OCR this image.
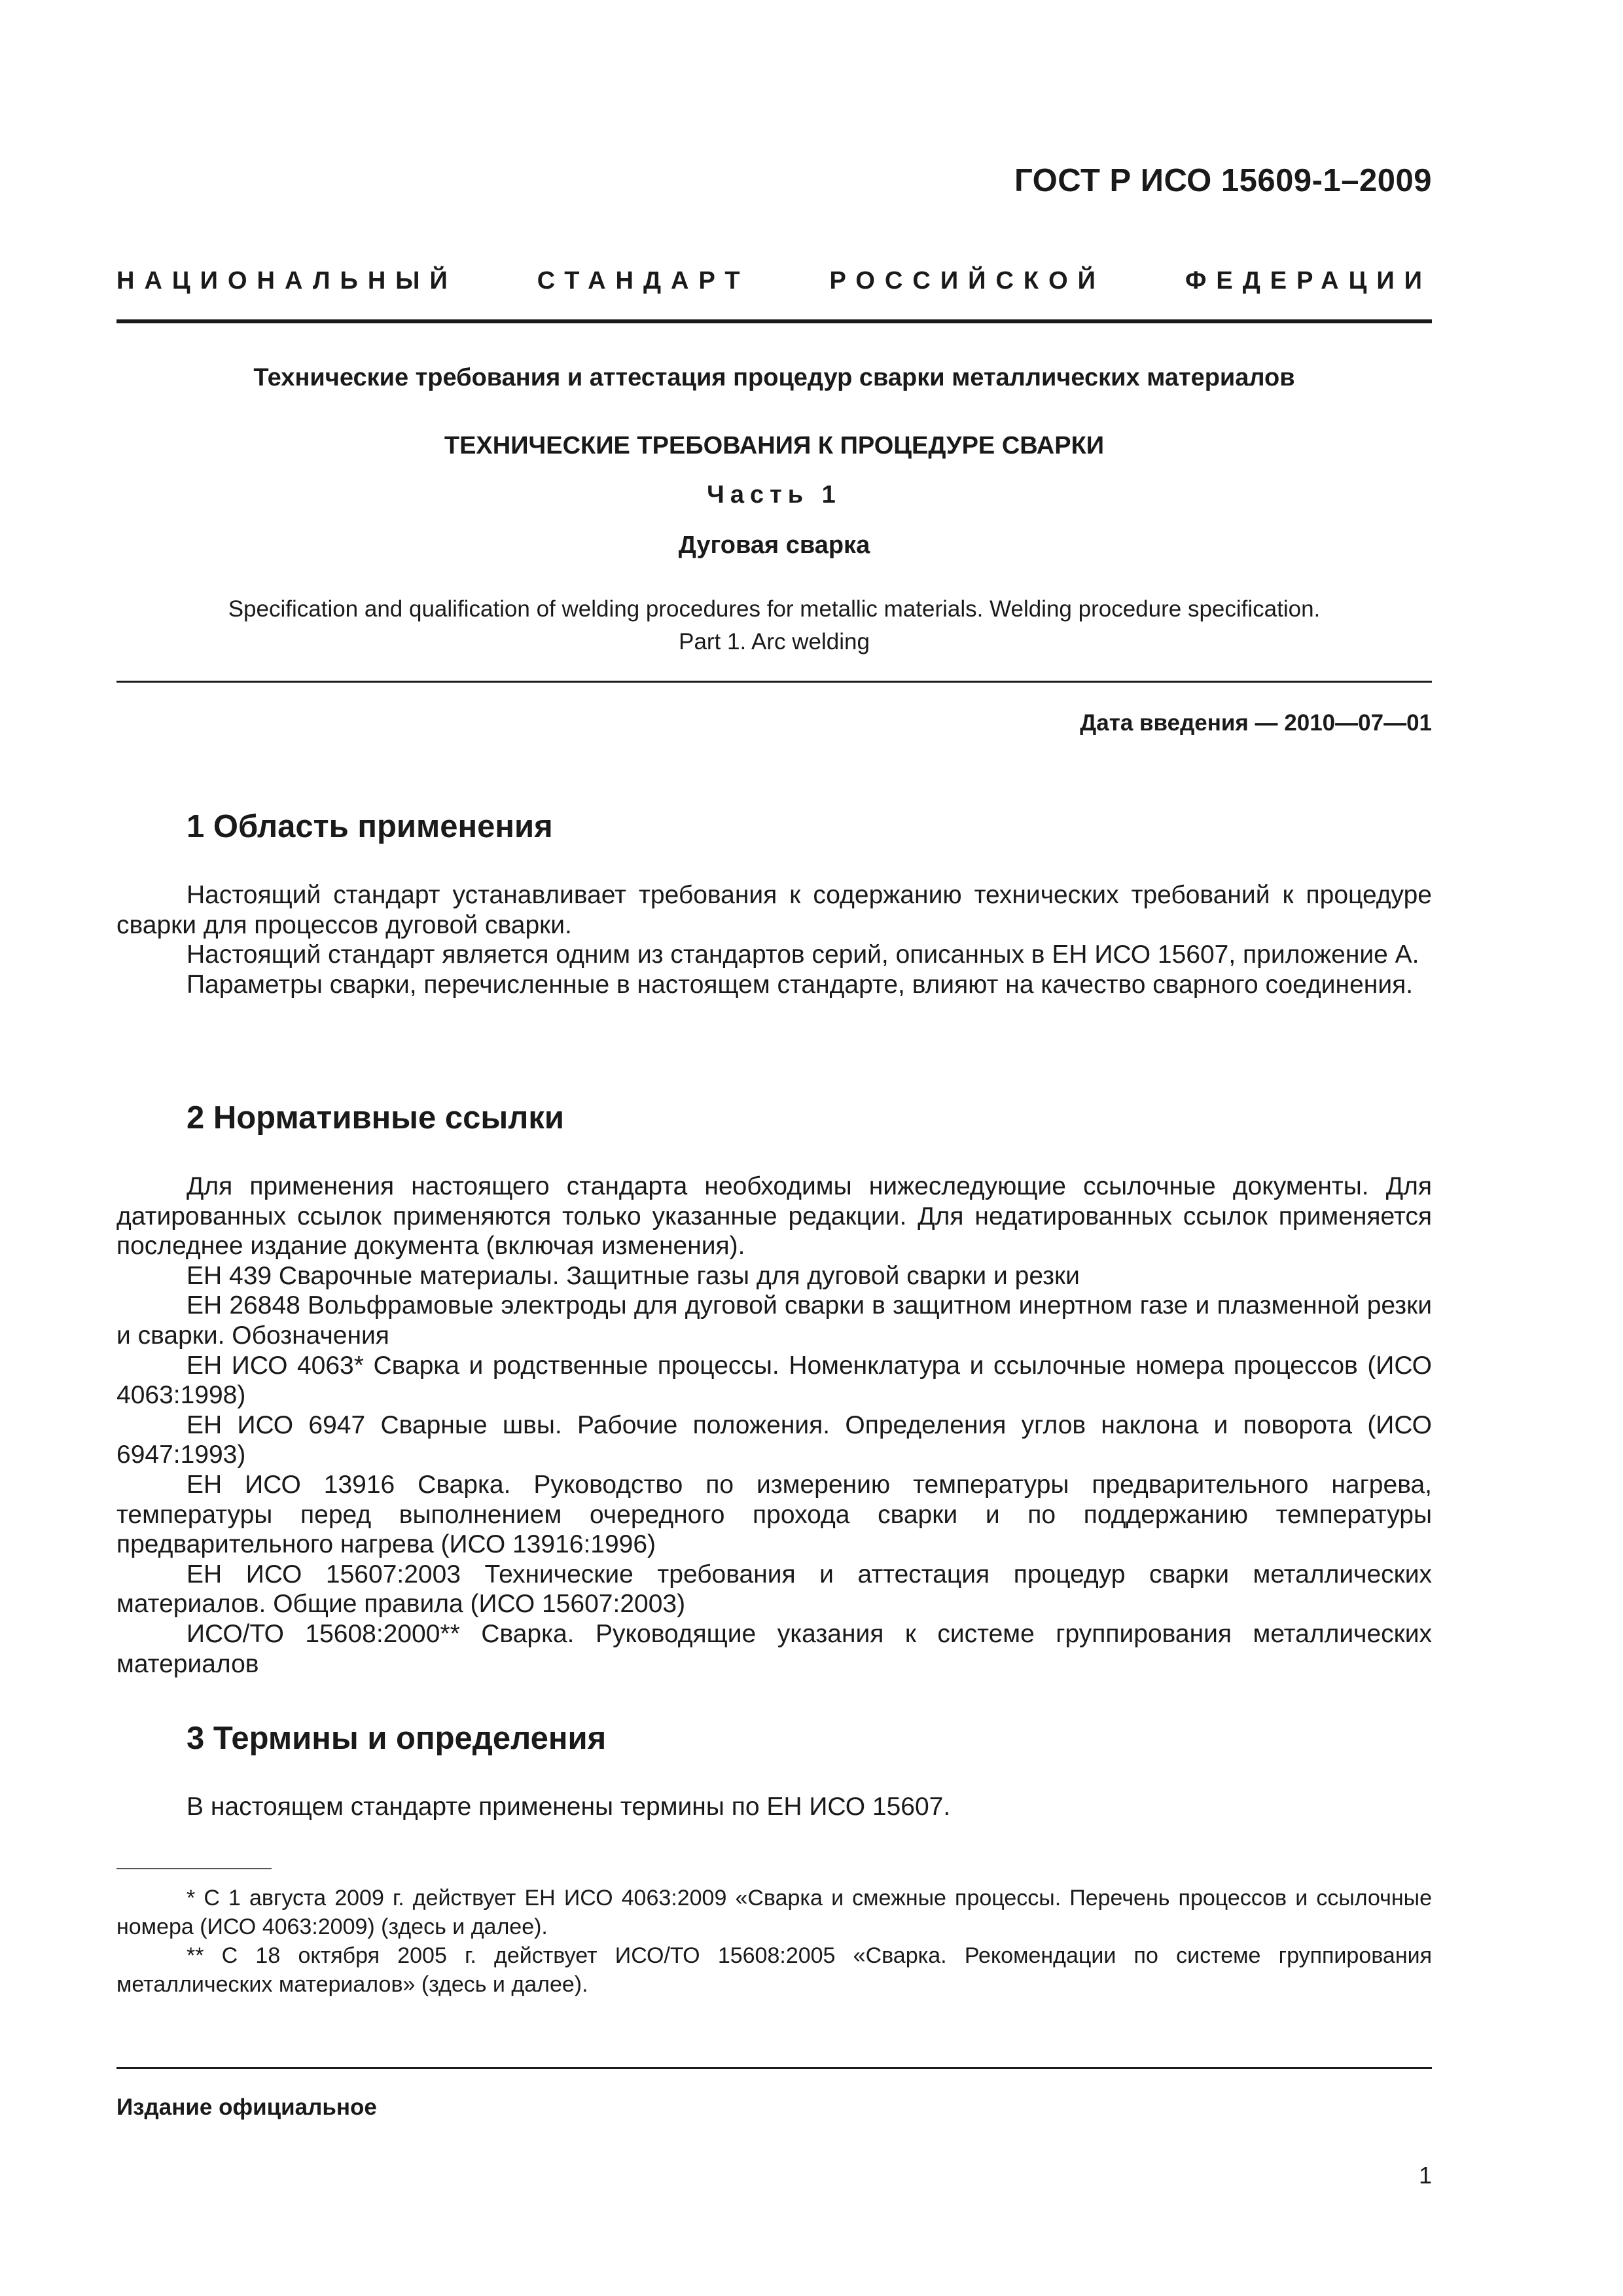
ГОСТ Р ИСО 15609-1–2009
НАЦИОНАЛЬНЫЙ	СТАНДАРТ	РОССИЙСКОЙ	ФЕДЕРАЦИИ
Технические требования и аттестация процедур сварки металлических материалов
ТЕХНИЧЕСКИЕ ТРЕБОВАНИЯ К ПРОЦЕДУРЕ СВАРКИ
Часть 1
Дуговая сварка
Specification and qualification of welding procedures for metallic materials. Welding procedure specification.
Part 1. Arc welding
Дата введения — 2010—07—01
1 Область применения

Настоящий стандарт устанавливает требования к содержанию технических требований к процедуре сварки для процессов дуговой сварки.

Настоящий стандарт является одним из стандартов серий, описанных в ЕН ИСО 15607, приложение А.

Параметры сварки, перечисленные в настоящем стандарте, влияют на качество сварного соединения.

2 Нормативные ссылки

Для применения настоящего стандарта необходимы нижеследующие ссылочные документы. Для датированных ссылок применяются только указанные редакции. Для недатированных ссылок применяется последнее издание документа (включая изменения).

ЕН 439 Сварочные материалы. Защитные газы для дуговой сварки и резки

ЕН 26848 Вольфрамовые электроды для дуговой сварки в защитном инертном газе и плазменной резки и сварки. Обозначения

ЕН ИСО 4063* Сварка и родственные процессы. Номенклатура и ссылочные номера процессов (ИСО 4063:1998)

ЕН ИСО 6947 Сварные швы. Рабочие положения. Определения углов наклона и поворота (ИСО 6947:1993)

ЕН ИСО 13916 Сварка. Руководство по измерению температуры предварительного нагрева, температуры перед выполнением очередного прохода сварки и по поддержанию температуры предварительного нагрева (ИСО 13916:1996)

ЕН ИСО 15607:2003 Технические требования и аттестация процедур сварки металлических материалов. Общие правила (ИСО 15607:2003)

ИСО/ТО 15608:2000** Сварка. Руководящие указания к системе группирования металлических материалов

3 Термины и определения

В настоящем стандарте применены термины по ЕН ИСО 15607.

* С 1 августа 2009 г. действует ЕН ИСО 4063:2009 «Сварка и смежные процессы. Перечень процессов и ссылочные номера (ИСО 4063:2009) (здесь и далее).

** С 18 октября 2005 г. действует ИСО/ТО 15608:2005 «Сварка. Рекомендации по системе группирования металлических материалов» (здесь и далее).

Издание официальное
1
